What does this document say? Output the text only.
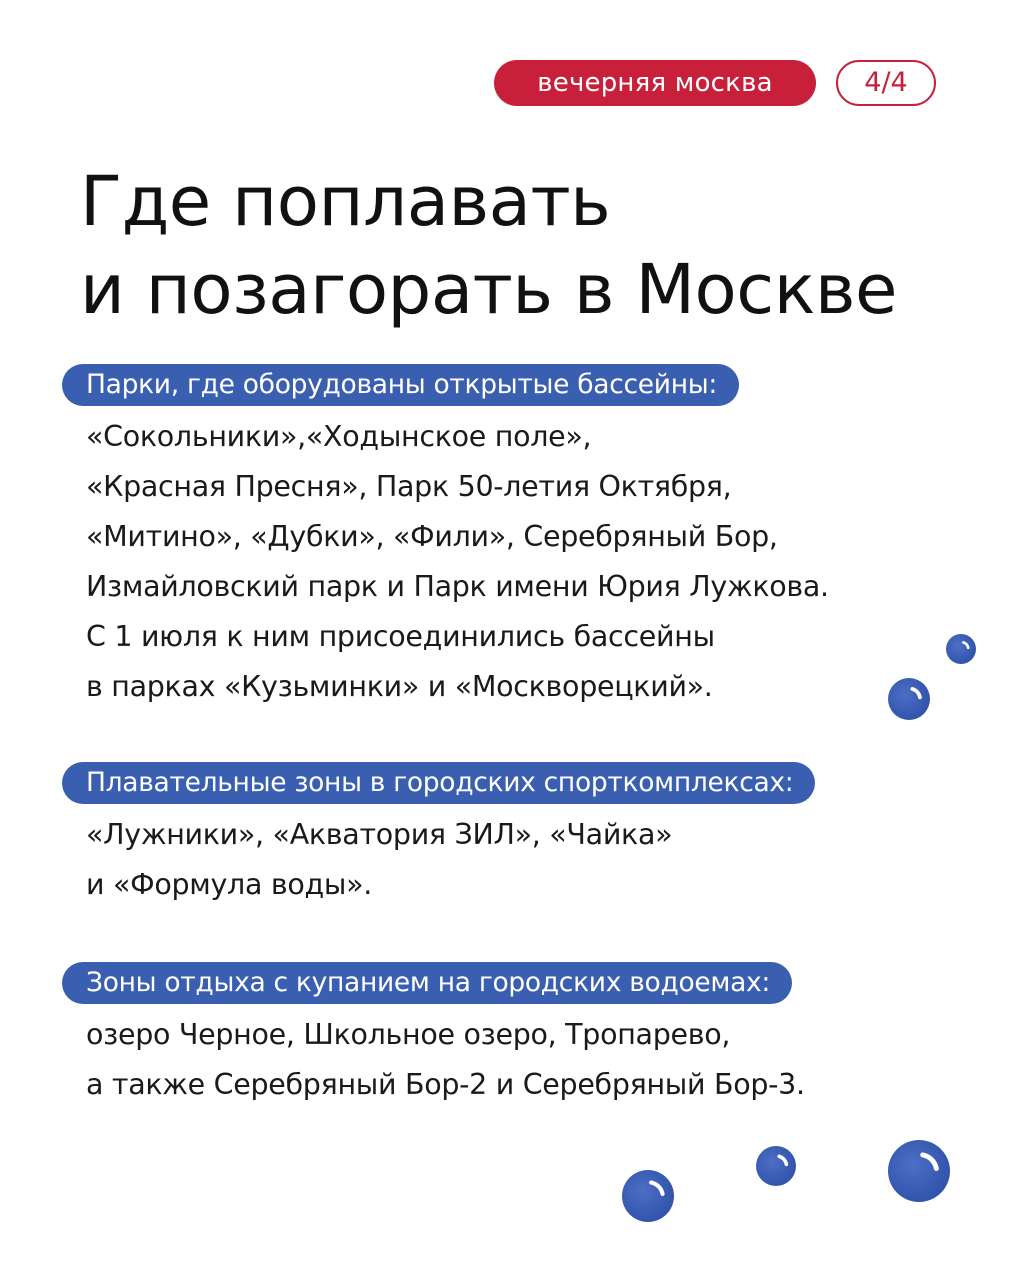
вечерняя москва	4/4
Где поплавать
и позагорать в Москве
Парки, где оборудованы открытые бассейны:
«Сокольники»,«Ходынское поле»,
«Красная Пресня», Парк 50-летия Октября,
«Митино», «Дубки», «Фили», Серебряный Бор,
Измайловский парк и Парк имени Юрия Лужкова.
С 1 июля к ним присоединились бассейны
в парках «Кузьминки» и «Москворецкий».
Плавательные зоны в городских спорткомплексах:
«Лужники», «Акватория ЗИЛ», «Чайка»
и «Формула воды».
Зоны отдыха с купанием на городских водоемах:
озеро Черное, Школьное озеро, Тропарево,
а также Серебряный Бор-2 и Серебряный Бор-3.
